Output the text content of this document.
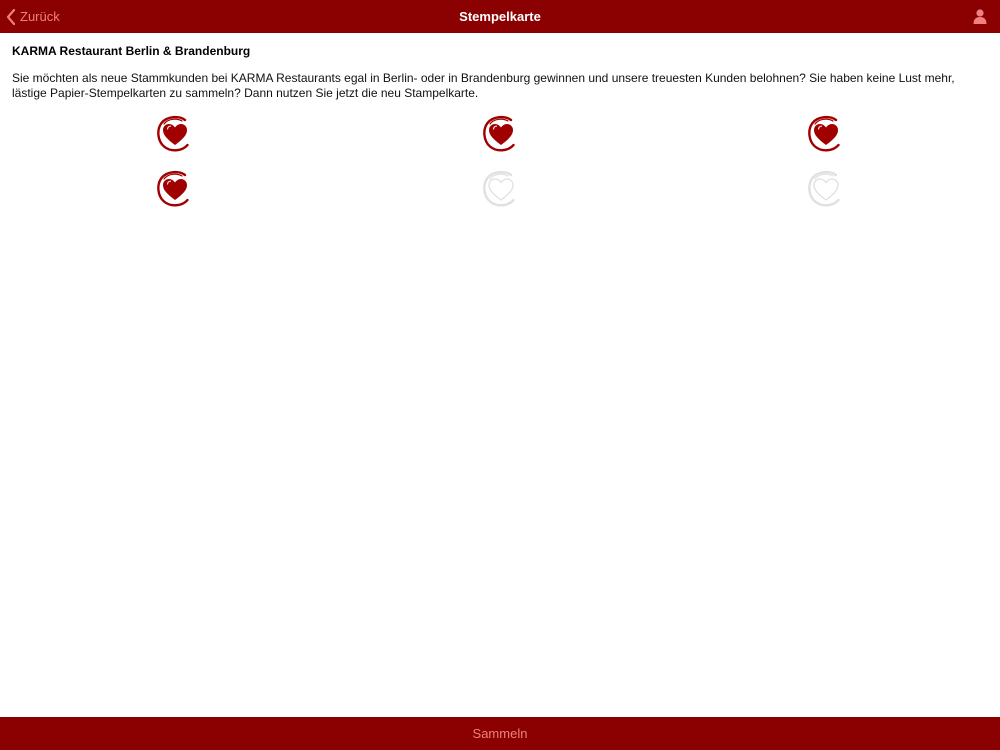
Zurück	Stempelkarte
KARMA Restaurant Berlin & Brandenburg
Sie möchten als neue Stammkunden bei KARMA Restaurants egal in Berlin- oder in Brandenburg gewinnen und unsere treuesten Kunden belohnen? Sie haben keine Lust mehr, lästige Papier-Stempelkarten zu sammeln? Dann nutzen Sie jetzt die neu Stampelkarte.
Sammeln
